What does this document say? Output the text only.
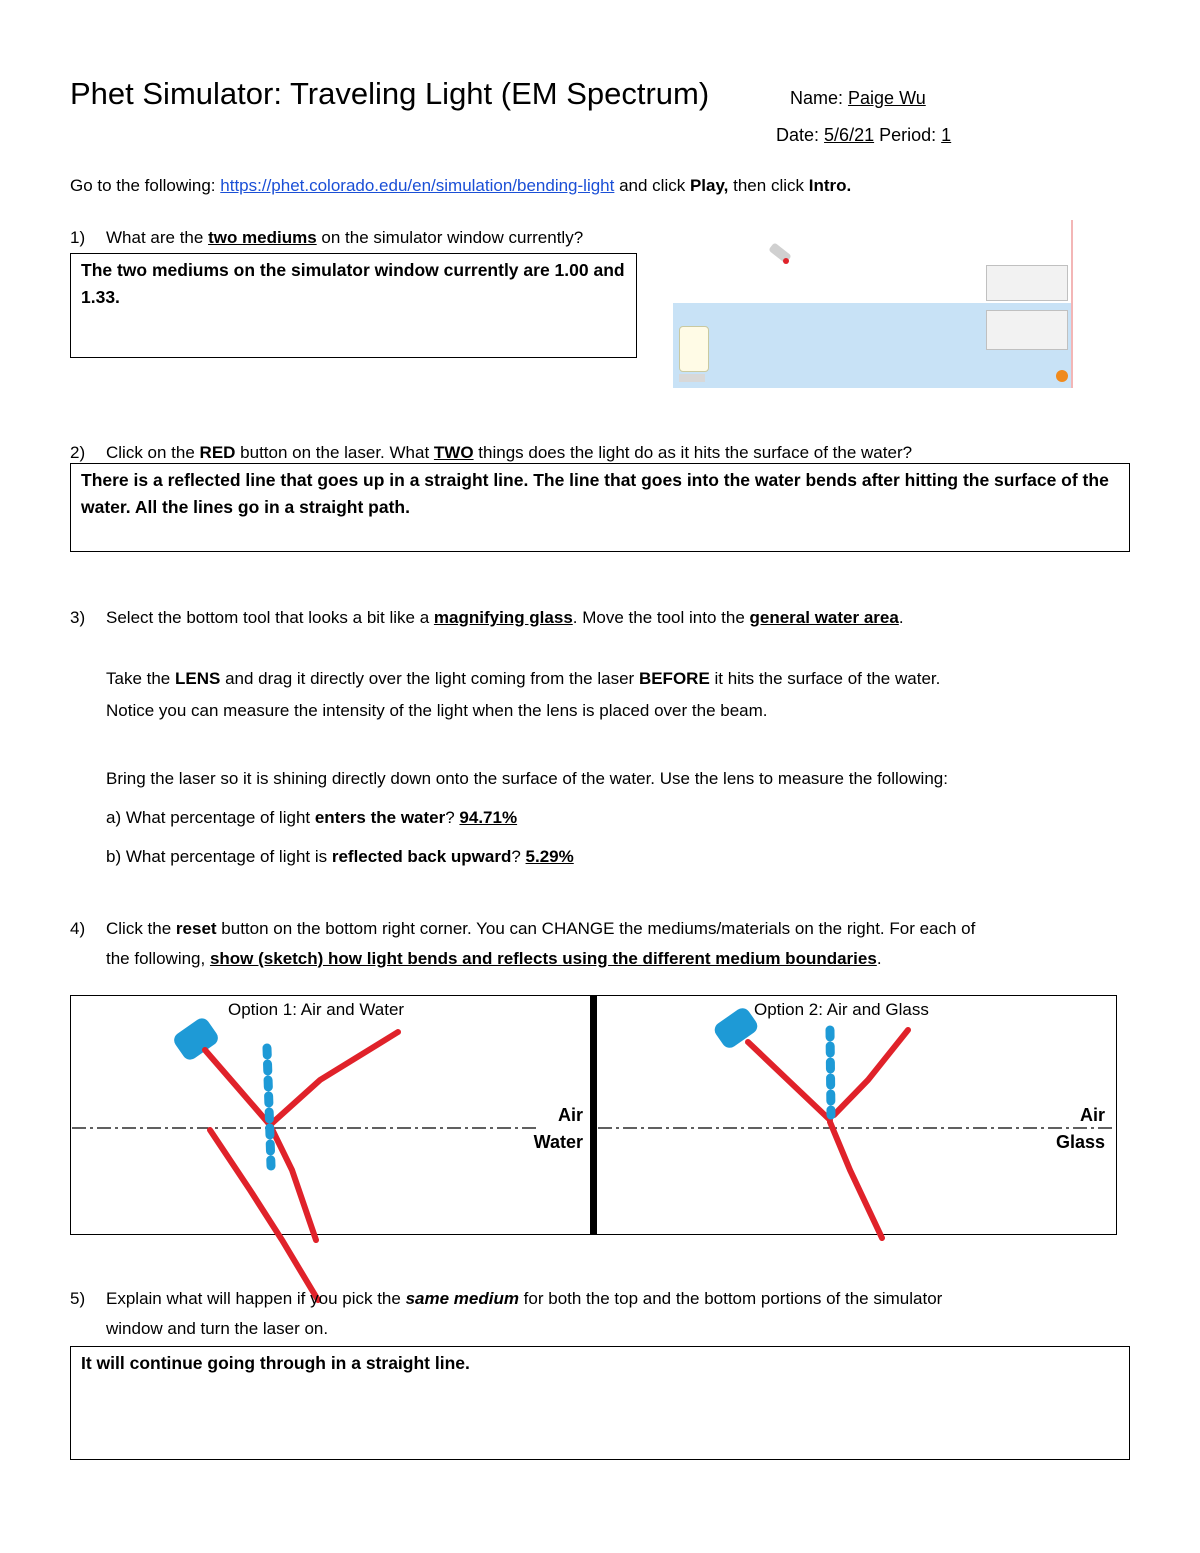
Phet Simulator: Traveling Light (EM Spectrum)	Name: Paige Wu
Date: 5/6/21 Period: 1
Go to the following: https://phet.colorado.edu/en/simulation/bending-light and click Play, then click Intro.
1) What are the two mediums on the simulator window currently?
The two mediums on the simulator window currently are 1.00 and 1.33.
2) Click on the RED button on the laser. What TWO things does the light do as it hits the surface of the water?
There is a reflected line that goes up in a straight line. The line that goes into the water bends after hitting the surface of the water. All the lines go in a straight path.
3) Select the bottom tool that looks a bit like a magnifying glass. Move the tool into the general water area.
Take the LENS and drag it directly over the light coming from the laser BEFORE it hits the surface of the water.
Notice you can measure the intensity of the light when the lens is placed over the beam.
Bring the laser so it is shining directly down onto the surface of the water. Use the lens to measure the following:
a) What percentage of light enters the water? 94.71%
b) What percentage of light is reflected back upward? 5.29%
4) Click the reset button on the bottom right corner. You can CHANGE the mediums/materials on the right. For each of
the following, show (sketch) how light bends and reflects using the different medium boundaries.
Option 1: Air and Water	Option 2: Air and Glass
Air
Water
Air
Glass
5) Explain what will happen if you pick the same medium for both the top and the bottom portions of the simulator
window and turn the laser on.
It will continue going through in a straight line.
